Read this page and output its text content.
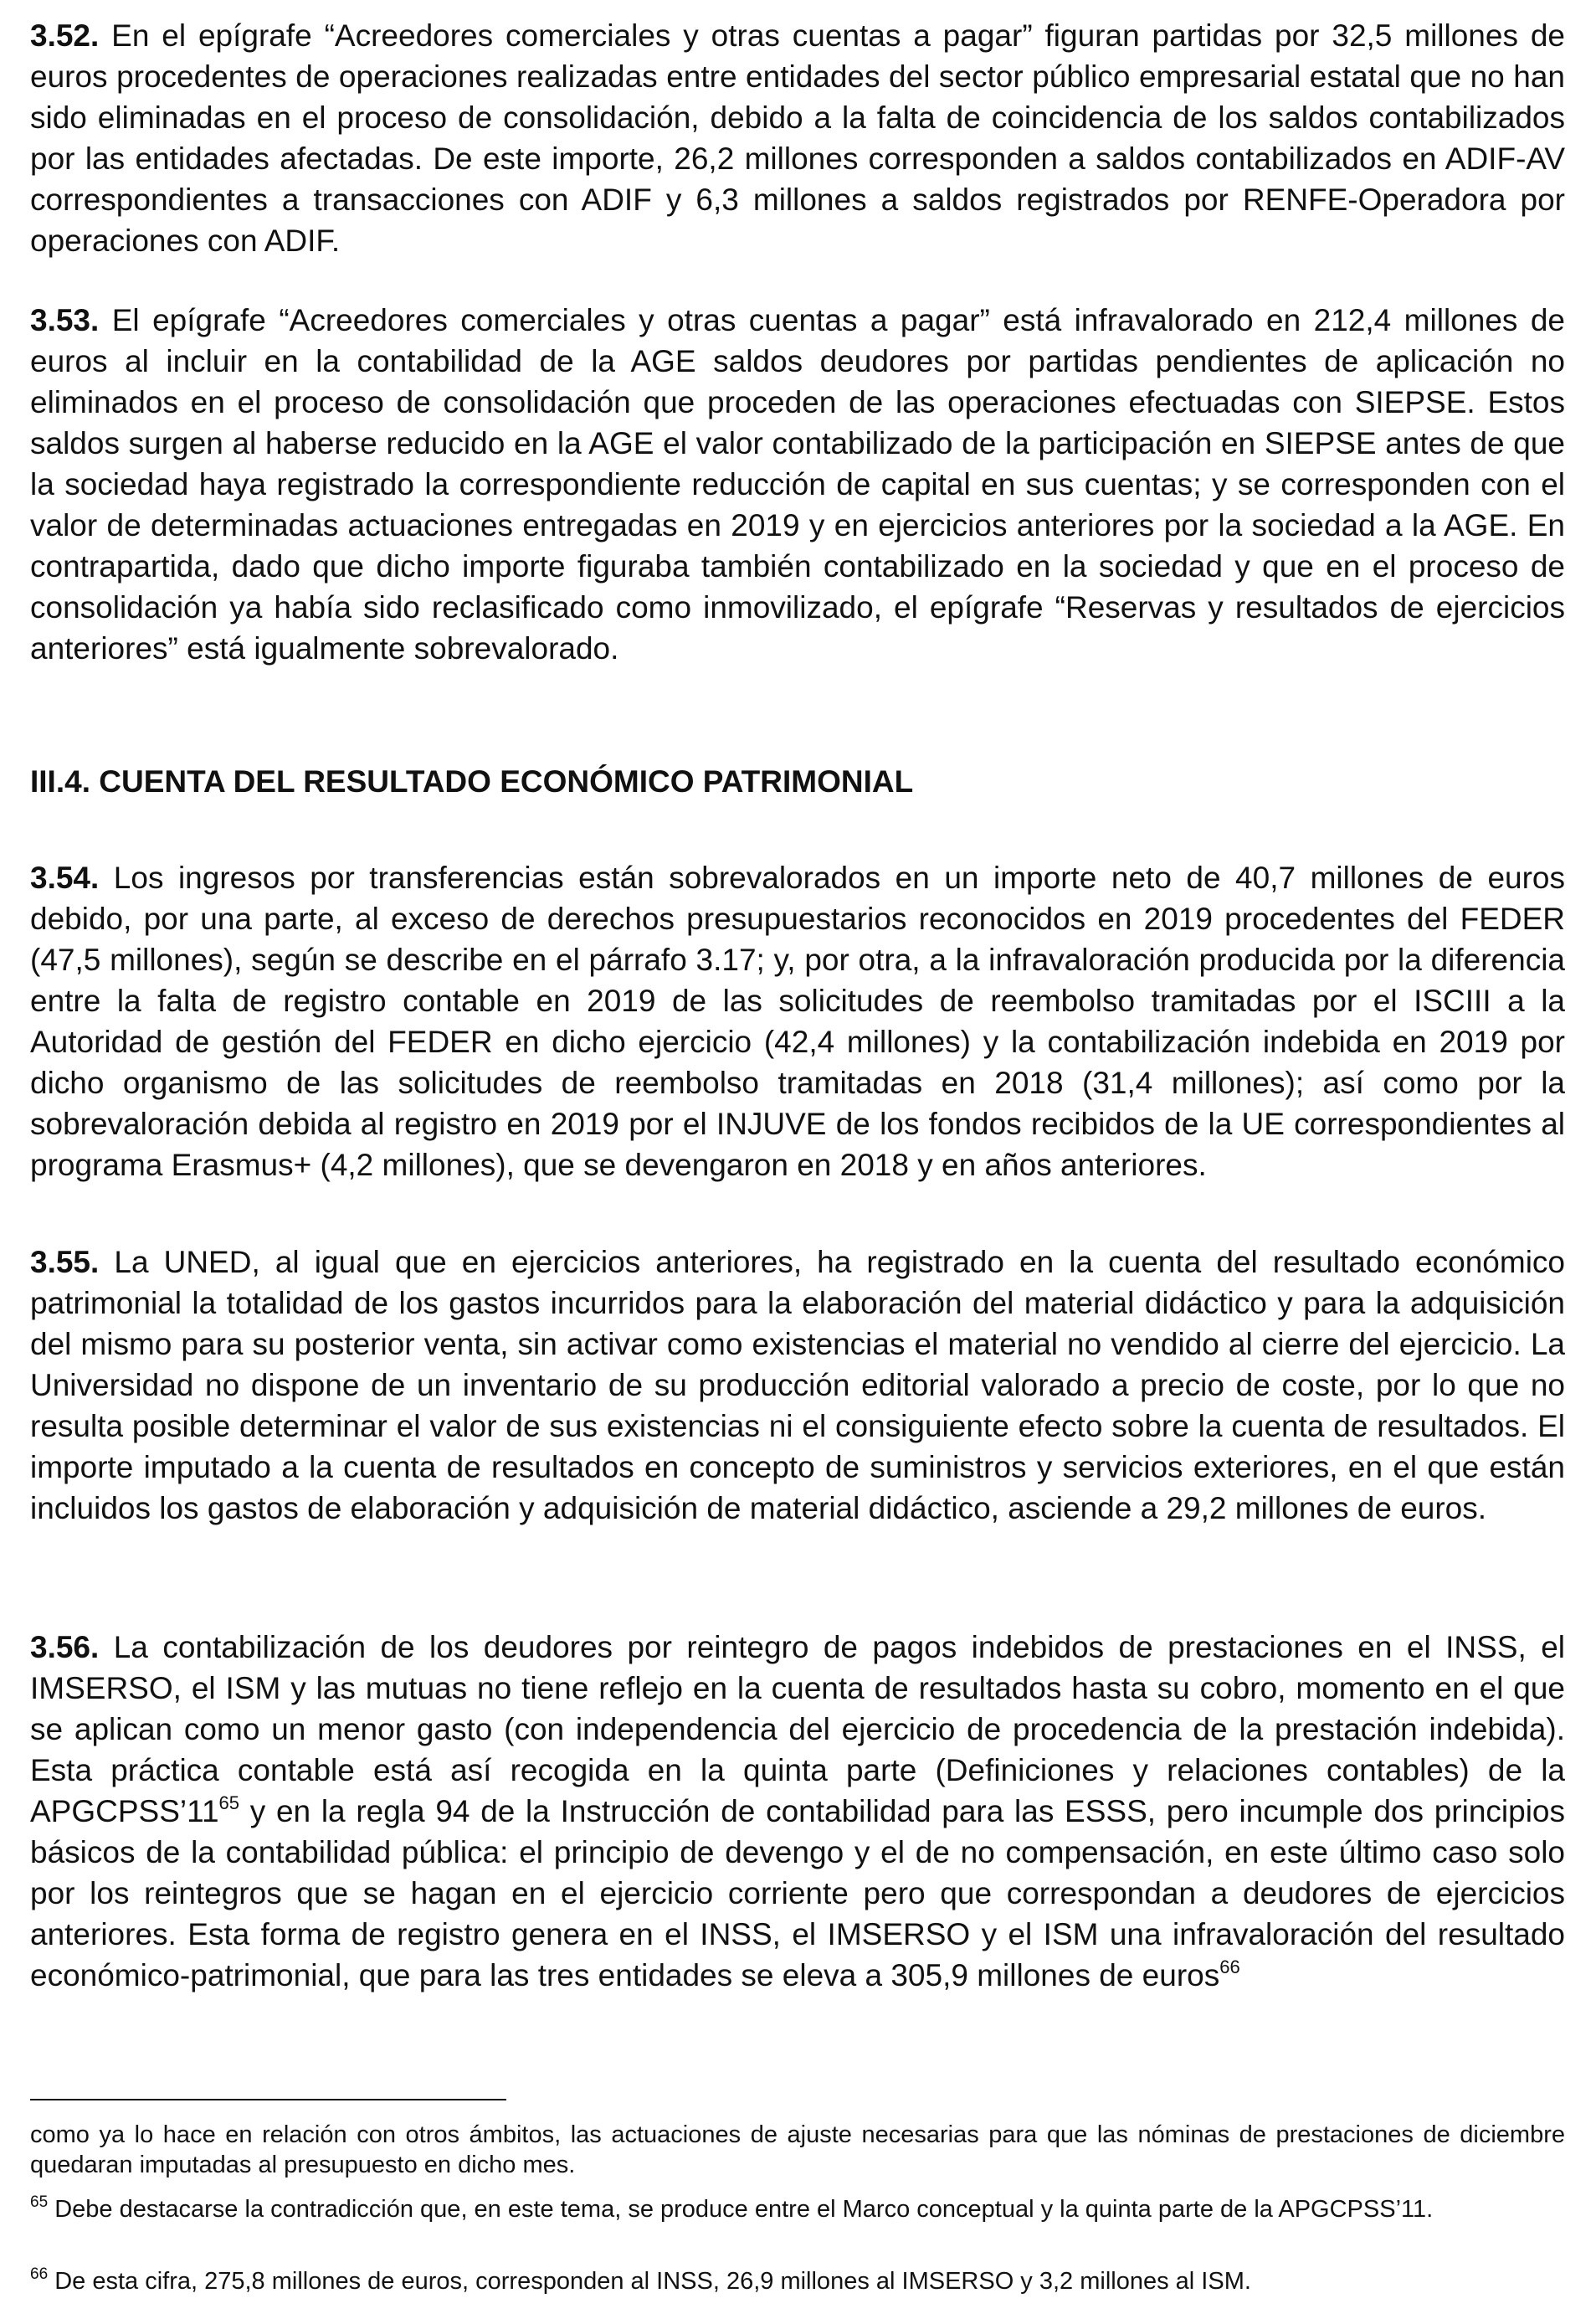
3.52. En el epígrafe “Acreedores comerciales y otras cuentas a pagar” figuran partidas por 32,5 millones de euros procedentes de operaciones realizadas entre entidades del sector público empresarial estatal que no han sido eliminadas en el proceso de consolidación, debido a la falta de coincidencia de los saldos contabilizados por las entidades afectadas. De este importe, 26,2 millones corresponden a saldos contabilizados en ADIF-AV correspondientes a transacciones con ADIF y 6,3 millones a saldos registrados por RENFE-Operadora por operaciones con ADIF.

3.53. El epígrafe “Acreedores comerciales y otras cuentas a pagar” está infravalorado en 212,4 millones de euros al incluir en la contabilidad de la AGE saldos deudores por partidas pendientes de aplicación no eliminados en el proceso de consolidación que proceden de las operaciones efectuadas con SIEPSE. Estos saldos surgen al haberse reducido en la AGE el valor contabilizado de la participación en SIEPSE antes de que la sociedad haya registrado la correspondiente reducción de capital en sus cuentas; y se corresponden con el valor de determinadas actuaciones entregadas en 2019 y en ejercicios anteriores por la sociedad a la AGE. En contrapartida, dado que dicho importe figuraba también contabilizado en la sociedad y que en el proceso de consolidación ya había sido reclasificado como inmovilizado, el epígrafe “Reservas y resultados de ejercicios anteriores” está igualmente sobrevalorado.

III.4. CUENTA DEL RESULTADO ECONÓMICO PATRIMONIAL

3.54. Los ingresos por transferencias están sobrevalorados en un importe neto de 40,7 millones de euros debido, por una parte, al exceso de derechos presupuestarios reconocidos en 2019 procedentes del FEDER (47,5 millones), según se describe en el párrafo 3.17; y, por otra, a la infravaloración producida por la diferencia entre la falta de registro contable en 2019 de las solicitudes de reembolso tramitadas por el ISCIII a la Autoridad de gestión del FEDER en dicho ejercicio (42,4 millones) y la contabilización indebida en 2019 por dicho organismo de las solicitudes de reembolso tramitadas en 2018 (31,4 millones); así como por la sobrevaloración debida al registro en 2019 por el INJUVE de los fondos recibidos de la UE correspondientes al programa Erasmus+ (4,2 millones), que se devengaron en 2018 y en años anteriores.

3.55. La UNED, al igual que en ejercicios anteriores, ha registrado en la cuenta del resultado económico patrimonial la totalidad de los gastos incurridos para la elaboración del material didáctico y para la adquisición del mismo para su posterior venta, sin activar como existencias el material no vendido al cierre del ejercicio. La Universidad no dispone de un inventario de su producción editorial valorado a precio de coste, por lo que no resulta posible determinar el valor de sus existencias ni el consiguiente efecto sobre la cuenta de resultados. El importe imputado a la cuenta de resultados en concepto de suministros y servicios exteriores, en el que están incluidos los gastos de elaboración y adquisición de material didáctico, asciende a 29,2 millones de euros.

3.56. La contabilización de los deudores por reintegro de pagos indebidos de prestaciones en el INSS, el IMSERSO, el ISM y las mutuas no tiene reflejo en la cuenta de resultados hasta su cobro, momento en el que se aplican como un menor gasto (con independencia del ejercicio de procedencia de la prestación indebida). Esta práctica contable está así recogida en la quinta parte (Definiciones y relaciones contables) de la $APGCPSS’11^{65}$ y en la regla 94 de la Instrucción de contabilidad para las ESSS, pero incumple dos principios básicos de la contabilidad pública: el principio de devengo y el de no compensación, en este último caso solo por los reintegros que se hagan en el ejercicio corriente pero que correspondan a deudores de ejercicios anteriores. Esta forma de registro genera en el INSS, el IMSERSO y el ISM una infravaloración del resultado económico-patrimonial, que para las tres entidades se eleva a 305,9 millones de euros$^{66}$

como ya lo hace en relación con otros ámbitos, las actuaciones de ajuste necesarias para que las nóminas de prestaciones de diciembre quedaran imputadas al presupuesto en dicho mes.

$^{65}$ Debe destacarse la contradicción que, en este tema, se produce entre el Marco conceptual y la quinta parte de la APGCPSS’11.

$^{66}$ De esta cifra, 275,8 millones de euros, corresponden al INSS, 26,9 millones al IMSERSO y 3,2 millones al ISM.
